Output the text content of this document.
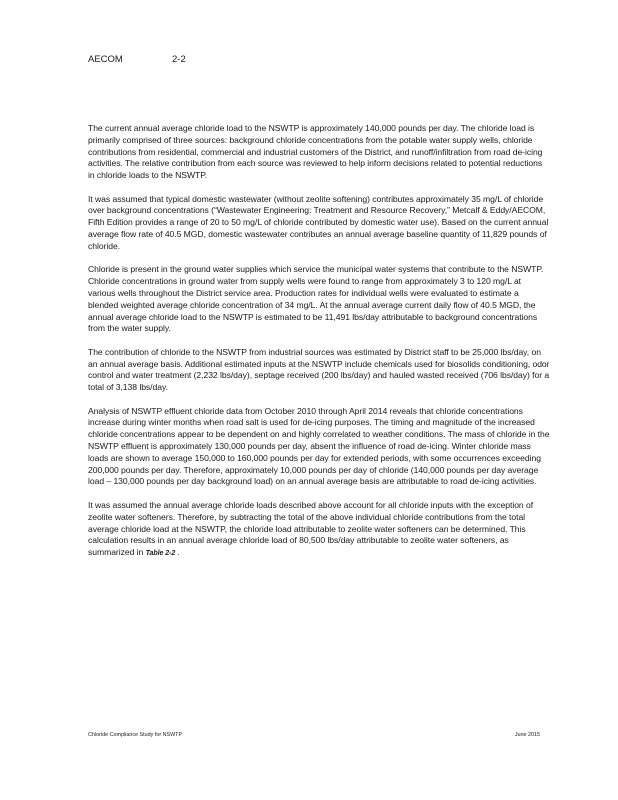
AECOM	2-2

The current annual average chloride load to the NSWTP is approximately 140,000 pounds per day. The chloride load is primarily comprised of three sources: background chloride concentrations from the potable water supply wells, chloride contributions from residential, commercial and industrial customers of the District, and runoff/infiltration from road de-icing activities. The relative contribution from each source was reviewed to help inform decisions related to potential reductions in chloride loads to the NSWTP.

It was assumed that typical domestic wastewater (without zeolite softening) contributes approximately 35 mg/L of chloride over background concentrations (“Wastewater Engineering: Treatment and Resource Recovery,” Metcalf & Eddy/AECOM, Fifth Edition provides a range of 20 to 50 mg/L of chloride contributed by domestic water use). Based on the current annual average flow rate of 40.5 MGD, domestic wastewater contributes an annual average baseline quantity of 11,829 pounds of chloride.

Chloride is present in the ground water supplies which service the municipal water systems that contribute to the NSWTP. Chloride concentrations in ground water from supply wells were found to range from approximately 3 to 120 mg/L at various wells throughout the District service area. Production rates for individual wells were evaluated to estimate a blended weighted average chloride concentration of 34 mg/L. At the annual average current daily flow of 40.5 MGD, the annual average chloride load to the NSWTP is estimated to be 11,491 lbs/day attributable to background concentrations from the water supply.

The contribution of chloride to the NSWTP from industrial sources was estimated by District staff to be 25,000 lbs/day, on an annual average basis. Additional estimated inputs at the NSWTP include chemicals used for biosolids conditioning, odor control and water treatment (2,232 lbs/day), septage received (200 lbs/day) and hauled wasted received (706 lbs/day) for a total of 3,138 lbs/day.

Analysis of NSWTP effluent chloride data from October 2010 through April 2014 reveals that chloride concentrations increase during winter months when road salt is used for de-icing purposes. The timing and magnitude of the increased chloride concentrations appear to be dependent on and highly correlated to weather conditions. The mass of chloride in the NSWTP effluent is approximately 130,000 pounds per day, absent the influence of road de-icing. Winter chloride mass loads are shown to average 150,000 to 160,000 pounds per day for extended periods, with some occurrences exceeding 200,000 pounds per day. Therefore, approximately 10,000 pounds per day of chloride (140,000 pounds per day average load – 130,000 pounds per day background load) on an annual average basis are attributable to road de-icing activities.

It was assumed the annual average chloride loads described above account for all chloride inputs with the exception of zeolite water softeners. Therefore, by subtracting the total of the above individual chloride contributions from the total average chloride load at the NSWTP, the chloride load attributable to zeolite water softeners can be determined. This calculation results in an annual average chloride load of 80,500 lbs/day attributable to zeolite water softeners, as summarized in Table 2-2 .

Chloride Compliance Study for NSWTP	June 2015
